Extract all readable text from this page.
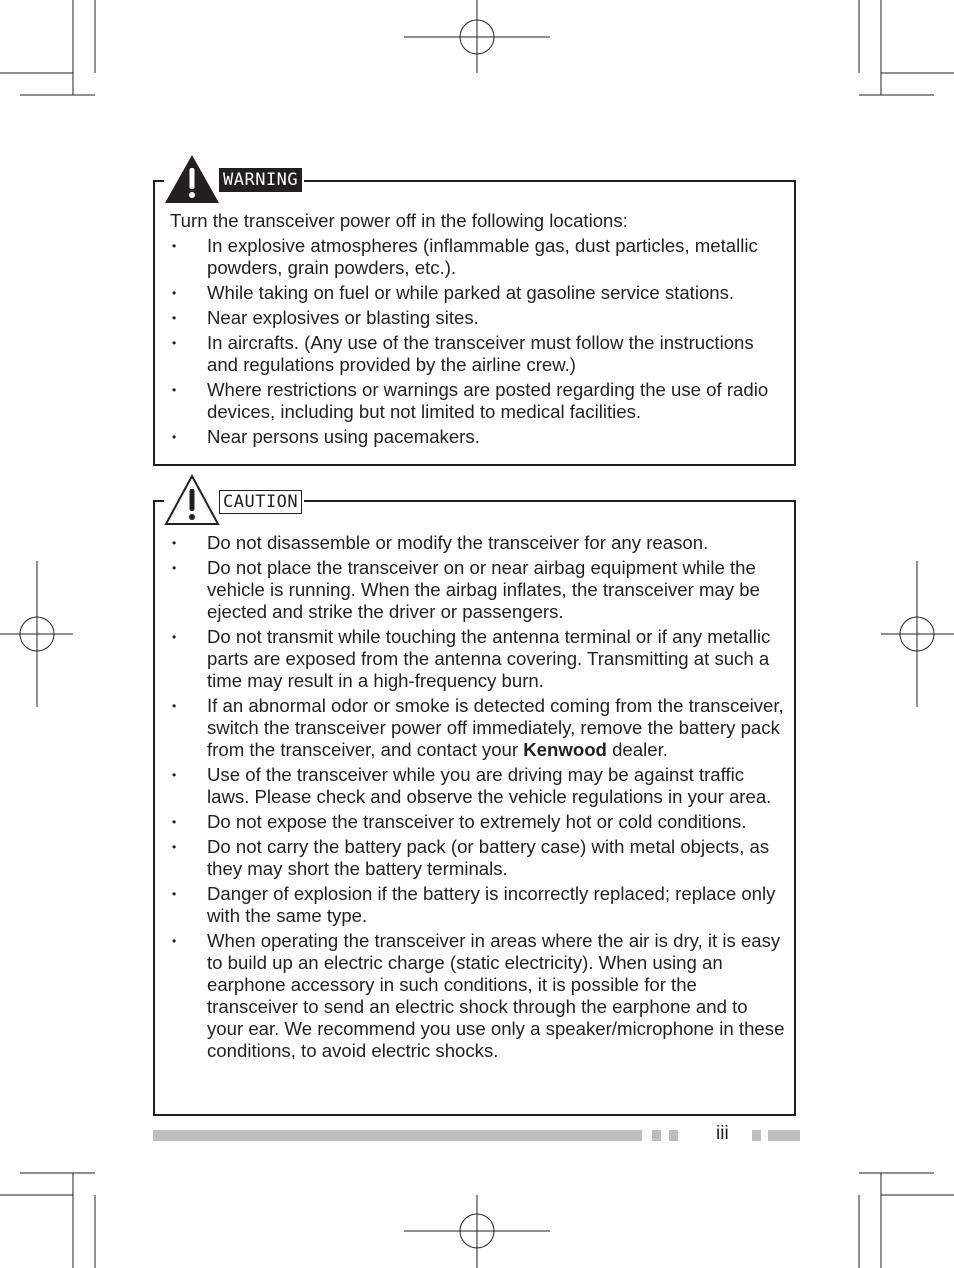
WARNING

Turn the transceiver power off in the following locations:

• In explosive atmospheres (inflammable gas, dust particles, metallic powders, grain powders, etc.).
• While taking on fuel or while parked at gasoline service stations.
• Near explosives or blasting sites.
• In aircrafts. (Any use of the transceiver must follow the instructions and regulations provided by the airline crew.)
• Where restrictions or warnings are posted regarding the use of radio devices, including but not limited to medical facilities.
• Near persons using pacemakers.
CAUTION
• Do not disassemble or modify the transceiver for any reason.
• Do not place the transceiver on or near airbag equipment while the vehicle is running. When the airbag inflates, the transceiver may be ejected and strike the driver or passengers.
• Do not transmit while touching the antenna terminal or if any metallic parts are exposed from the antenna covering. Transmitting at such a time may result in a high-frequency burn.
• If an abnormal odor or smoke is detected coming from the transceiver, switch the transceiver power off immediately, remove the battery pack from the transceiver, and contact your Kenwood dealer.
• Use of the transceiver while you are driving may be against traffic laws. Please check and observe the vehicle regulations in your area.
• Do not expose the transceiver to extremely hot or cold conditions.
• Do not carry the battery pack (or battery case) with metal objects, as they may short the battery terminals.
• Danger of explosion if the battery is incorrectly replaced; replace only with the same type.
• When operating the transceiver in areas where the air is dry, it is easy to build up an electric charge (static electricity). When using an earphone accessory in such conditions, it is possible for the transceiver to send an electric shock through the earphone and to your ear. We recommend you use only a speaker/microphone in these conditions, to avoid electric shocks.
iii
